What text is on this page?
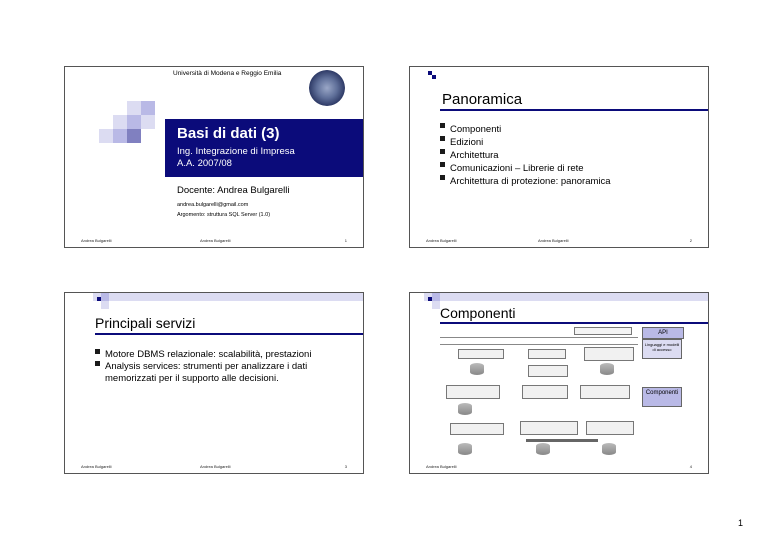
Università di Modena e Reggio Emilia
Basi di dati (3)
Ing. Integrazione di Impresa
A.A. 2007/08
Docente: Andrea Bulgarelli
andrea.bulgarelli@gmail.com
Argomento: struttura SQL Server (1.0)
Andrea Bulgarelli	Andrea Bulgarelli	1
Panoramica
Componenti
Edizioni
Architettura
Comunicazioni – Librerie di rete
Architettura di protezione: panoramica
Andrea Bulgarelli	Andrea Bulgarelli	2
Principali servizi
Motore DBMS relazionale: scalabilità, prestazioni
Analysis services: strumenti per analizzare i dati memorizzati per il supporto alle decisioni.
Andrea Bulgarelli	Andrea Bulgarelli	3
Componenti
API
Linguaggi e modelli di accesso
Componenti
Andrea Bulgarelli	4
1
